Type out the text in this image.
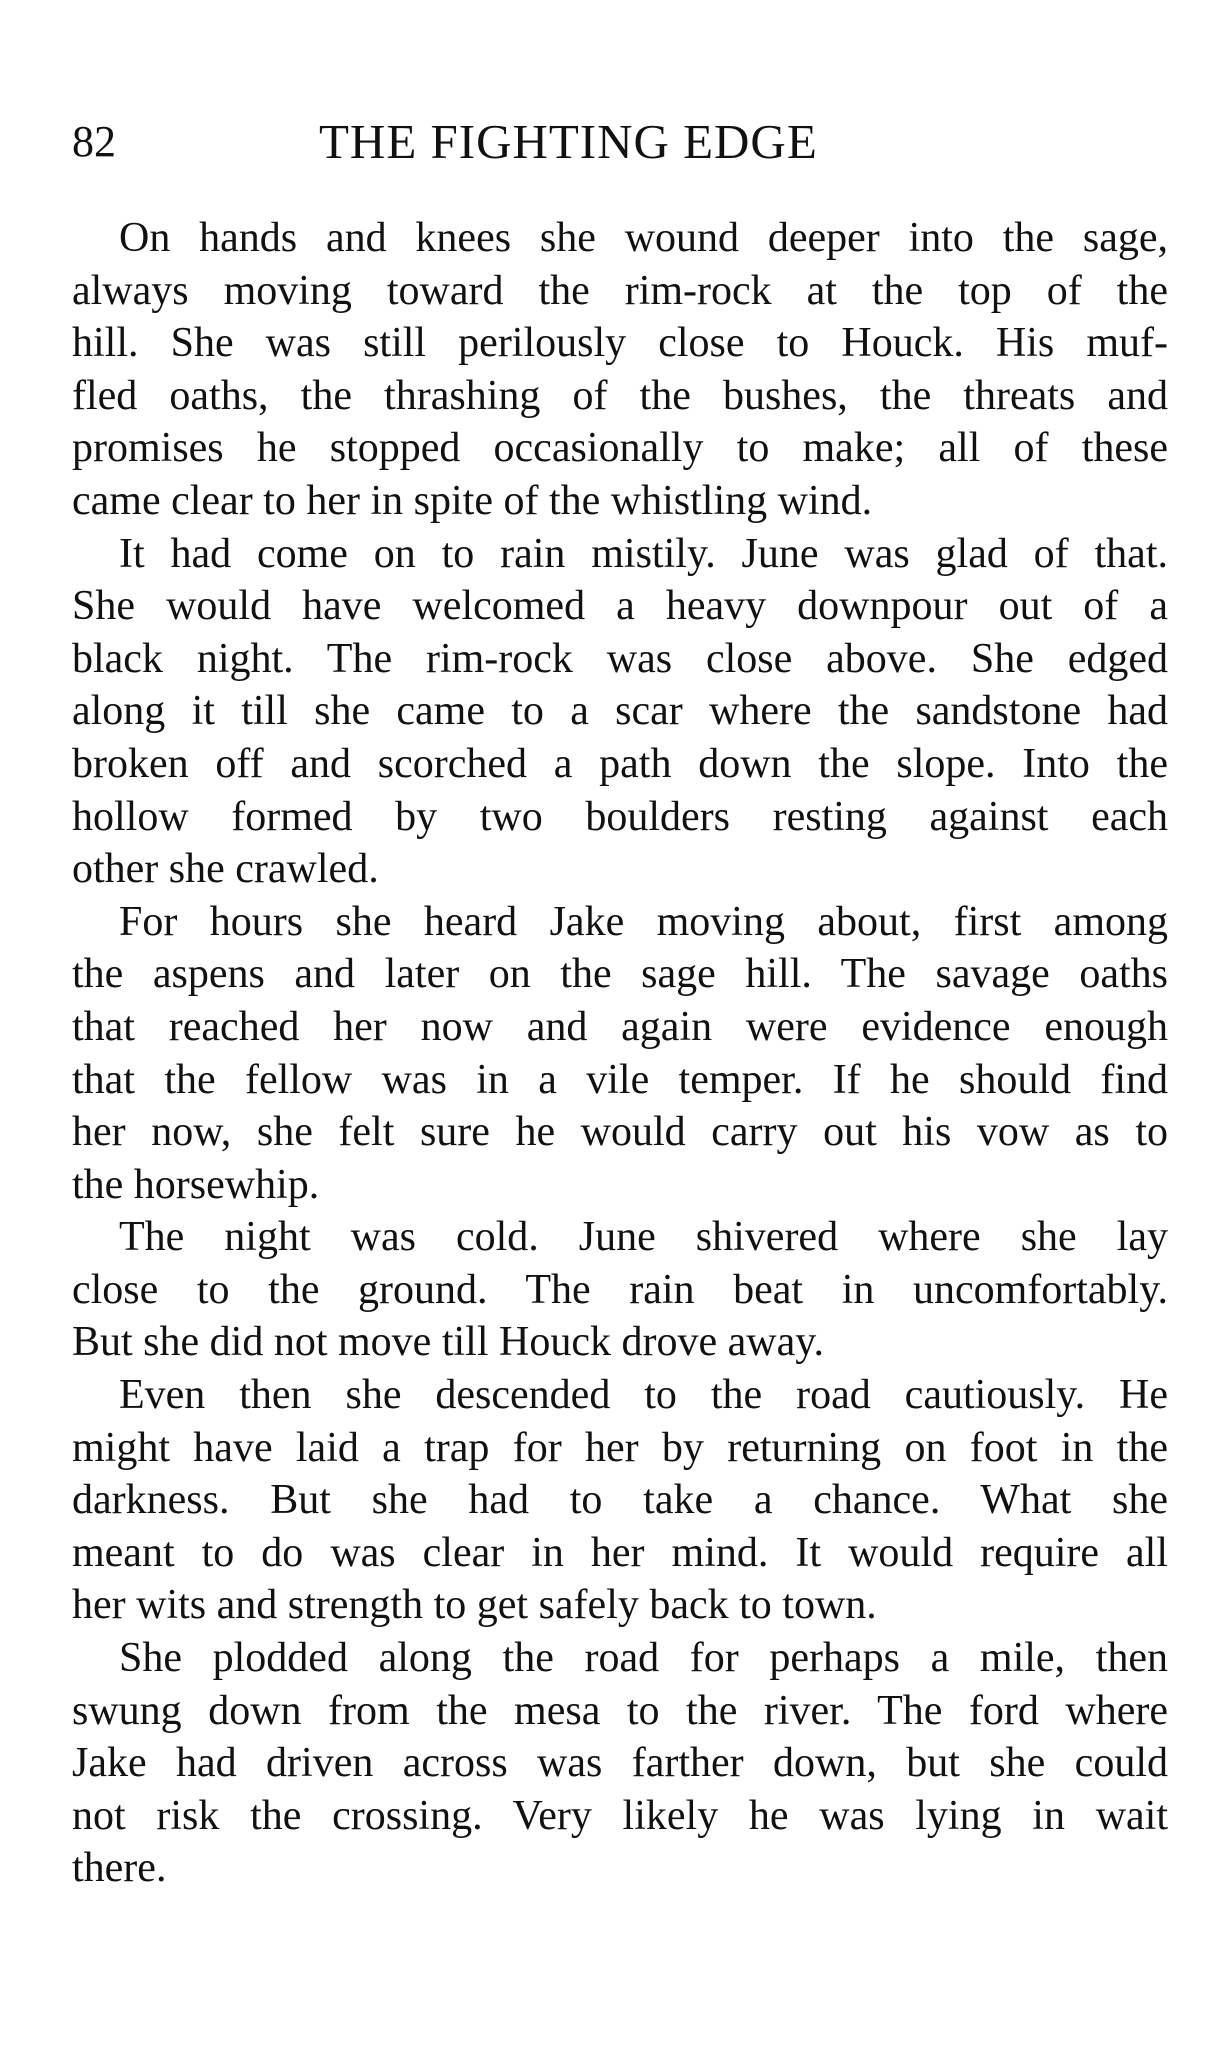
82	THE FIGHTING EDGE
On hands and knees she wound deeper into the sage,
always moving toward the rim-rock at the top of the
hill. She was still perilously close to Houck. His muf-
fled oaths, the thrashing of the bushes, the threats and
promises he stopped occasionally to make; all of these
came clear to her in spite of the whistling wind.
It had come on to rain mistily. June was glad of that.
She would have welcomed a heavy downpour out of a
black night. The rim-rock was close above. She edged
along it till she came to a scar where the sandstone had
broken off and scorched a path down the slope. Into the
hollow formed by two boulders resting against each
other she crawled.
For hours she heard Jake moving about, first among
the aspens and later on the sage hill. The savage oaths
that reached her now and again were evidence enough
that the fellow was in a vile temper. If he should find
her now, she felt sure he would carry out his vow as to
the horsewhip.
The night was cold. June shivered where she lay
close to the ground. The rain beat in uncomfortably.
But she did not move till Houck drove away.
Even then she descended to the road cautiously. He
might have laid a trap for her by returning on foot in the
darkness. But she had to take a chance. What she
meant to do was clear in her mind. It would require all
her wits and strength to get safely back to town.
She plodded along the road for perhaps a mile, then
swung down from the mesa to the river. The ford where
Jake had driven across was farther down, but she could
not risk the crossing. Very likely he was lying in wait
there.
